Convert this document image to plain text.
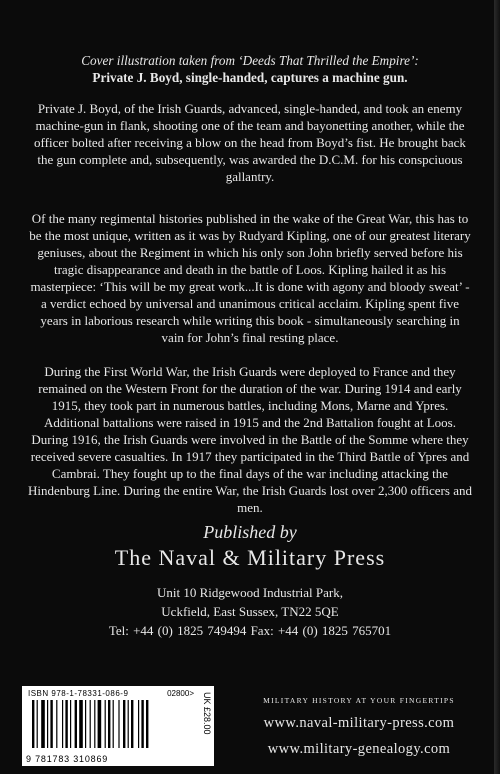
Cover illustration taken from ‘Deeds That Thrilled the Empire’:
Private J. Boyd, single-handed, captures a machine gun.

Private J. Boyd, of the Irish Guards, advanced, single-handed, and took an enemy machine-gun in flank, shooting one of the team and bayonetting another, while the officer bolted after receiving a blow on the head from Boyd’s fist. He brought back the gun complete and, subsequently, was awarded the D.C.M. for his conspciuous gallantry.

Of the many regimental histories published in the wake of the Great War, this has to be the most unique, written as it was by Rudyard Kipling, one of our greatest literary geniuses, about the Regiment in which his only son John briefly served before his tragic disappearance and death in the battle of Loos. Kipling hailed it as his masterpiece: ‘This will be my great work...It is done with agony and bloody sweat’ - a verdict echoed by universal and unanimous critical acclaim. Kipling spent five years in laborious research while writing this book - simultaneously searching in vain for John’s final resting place.

During the First World War, the Irish Guards were deployed to France and they remained on the Western Front for the duration of the war. During 1914 and early 1915, they took part in numerous battles, including Mons, Marne and Ypres. Additional battalions were raised in 1915 and the 2nd Battalion fought at Loos. During 1916, the Irish Guards were involved in the Battle of the Somme where they received severe casualties. In 1917 they participated in the Third Battle of Ypres and Cambrai. They fought up to the final days of the war including attacking the Hindenburg Line. During the entire War, the Irish Guards lost over 2,300 officers and men.

Published by
The Naval & Military Press
Unit 10 Ridgewood Industrial Park,
Uckfield, East Sussex, TN22 5QE
Tel: +44 (0) 1825 749494 Fax: +44 (0) 1825 765701
ISBN 978-1-78331-086-9	02800>
9 781783 310869
UK £28.00	MILITARY HISTORY AT YOUR FINGERTIPS
www.naval-military-press.com
www.military-genealogy.com
